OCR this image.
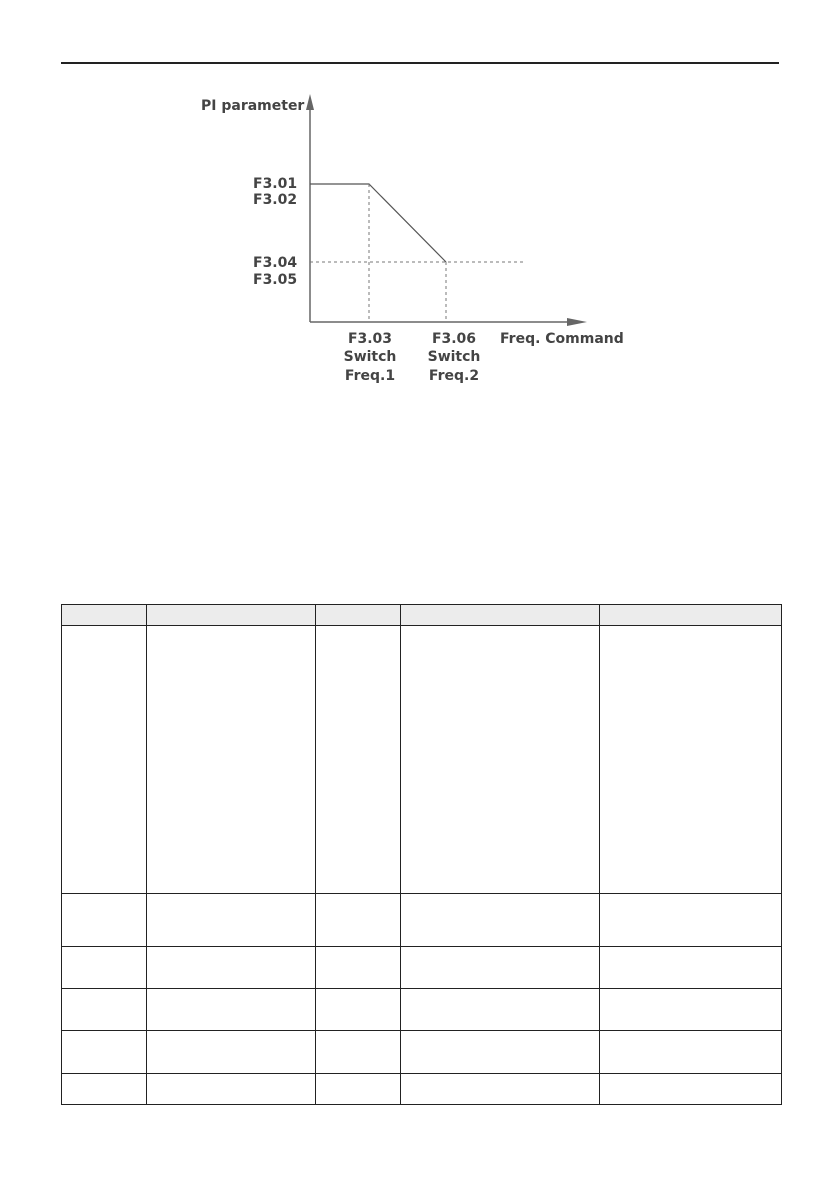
PI parameter
F3.01
F3.02
F3.04
F3.05
F3.03
Switch
Freq.1
F3.06
Switch
Freq.2
Freq. Command
